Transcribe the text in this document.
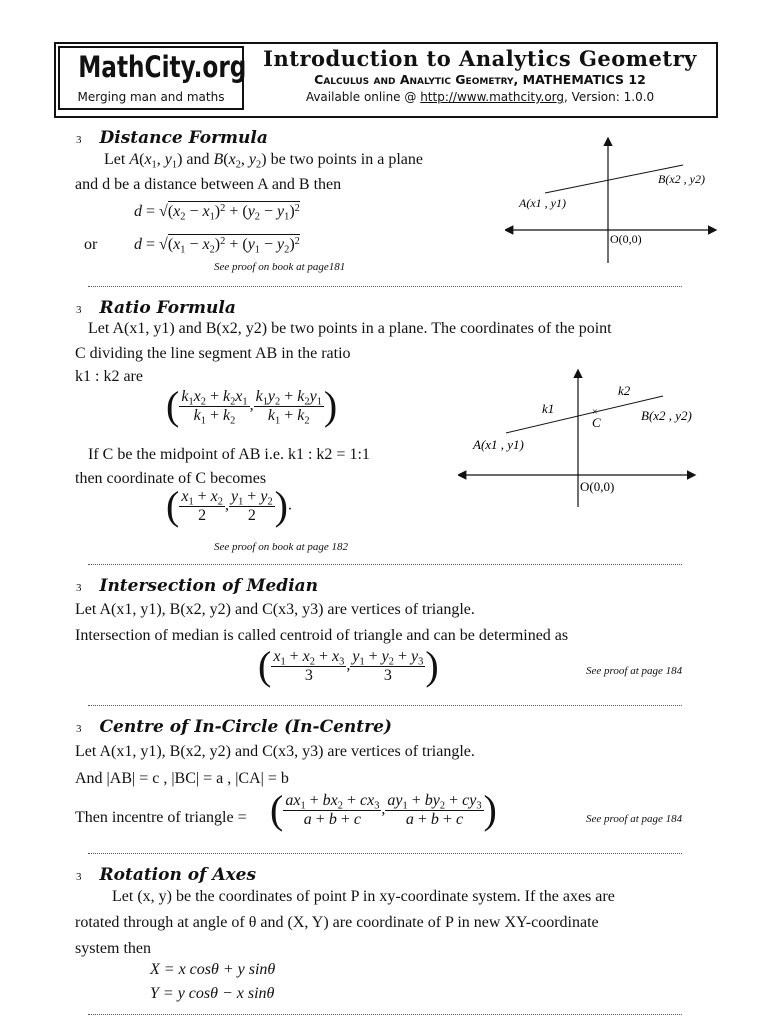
MathCity.org
Merging man and maths
Introduction to Analytics Geometry
Calculus and Analytic Geometry, MATHEMATICS 12
Available online @ http://www.mathcity.org, Version: 1.0.0
3 Distance Formula
Let $A(x_1$, $y_1$) and $B(x_2$, $y_2$) be two points in a plane
and d be a distance between A and B then
$d = √(x_2 - x_1)^2 + (y_2 - y_1)^2$
or $d = √(x_1 - x_2)^2 + (y_1 - y_2)^2$
See proof on book at page181
A(x1 , y1)
B(x2 , y2)
O(0,0)
3 Ratio Formula
Let A(x1, y1) and B(x2, y2) be two points in a plane. The coordinates of the point
C dividing the line segment AB in the ratio
k1 : k2 are
( $\frac{k_1x_2 + k_2x_1}{k_1 + k_2}$ , $\frac{k_1y_2 + k_2y_1}{k_1 + k_2}$ )
If C be the midpoint of AB i.e. k1 : k2 = 1:1
then coordinate of C becomes
( $\frac{x_1 + x_2}{2}$ , $\frac{y_1 + y_2}{2}$ ).
See proof on book at page 182
×
A(x1 , y1)
B(x2 , y2)
C
k1
k2
O(0,0)
3 Intersection of Median
Let A(x1, y1), B(x2, y2) and C(x3, y3) are vertices of triangle.
Intersection of median is called centroid of triangle and can be determined as
( $\frac{x_1 + x_2 + x_3}{3}$ , $\frac{y_1 + y_2 + y_3}{3}$ )	See proof at page 184
3 Centre of In-Circle (In-Centre)
Let A(x1, y1), B(x2, y2) and C(x3, y3) are vertices of triangle.
And |AB| = c , |BC| = a , |CA| = b
Then incentre of triangle = ( $\frac{ax_1 + bx_2 + cx_3}{a + b + c}$ , $\frac{ay_1 + by_2 + cy_3}{a + b + c}$ )	See proof at page 184
3 Rotation of Axes
Let (x, y) be the coordinates of point P in xy-coordinate system. If the axes are
rotated through at angle of θ and (X, Y) are coordinate of P in new XY-coordinate
system then
X = x cosθ + y sinθ
Y = y cosθ − x sinθ
